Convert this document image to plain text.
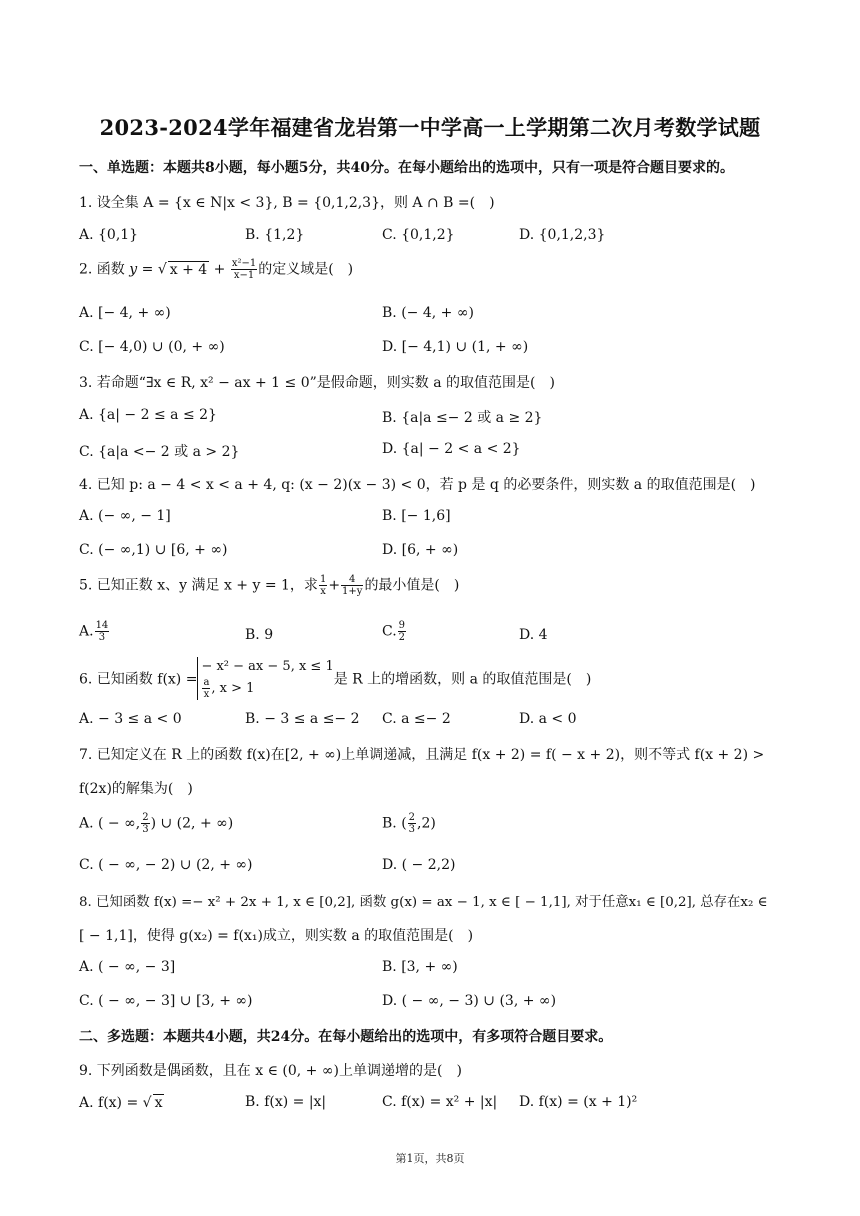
2023-2024学年福建省龙岩第一中学高一上学期第二次月考数学试题
一、单选题：本题共8小题，每小题5分，共40分。在每小题给出的选项中，只有一项是符合题目要求的。
1. 设全集 A = {x ∈ N|x < 3}, B = {0,1,2,3}，则 A ∩ B =(　)
A. {0,1}	B. {1,2}	C. {0,1,2}	D. {0,1,2,3}
2. 函数 y = √ $x + 4 + \frac{\text{x²−1}}{x-1}$ 的定义域是(　)
A. [− 4, + ∞)	B. (− 4, + ∞)
C. [− 4,0) ∪ (0, + ∞)	D. [− 4,1) ∪ (1, + ∞)
3. 若命题“∃x ∈ R, x² − ax + 1 ≤ 0”是假命题，则实数 a 的取值范围是(　)
A. {a| − 2 ≤ a ≤ 2}	B. {a|a ≤− 2 或 a ≥ 2}
C. {a|a <− 2 或 a > 2}	D. {a| − 2 < a < 2}
4. 已知 p: a − 4 < x < a + 4, q: (x − 2)(x − 3) < 0，若 p 是 q 的必要条件，则实数 a 的取值范围是(　)
A. (− ∞, − 1]	B. [− 1,6]
C. (− ∞,1) ∪ [6, + ∞)	D. [6, + ∞)
5. 已知正数 x、y 满足 x + y = 1，求 $\frac{1}{x} + \frac{4}{1+y}$ 的最小值是(　)
A. $\frac{14}{3}$	B. 9	C. $\frac{9}{2}$	D. 4
6. 已知函数 f(x) =
− x² − ax − 5, x ≤ 1
$\frac{a}{x}$ , x > 1
是 R 上的增函数，则 a 的取值范围是(　)
A. − 3 ≤ a < 0	B. − 3 ≤ a ≤− 2 C. a ≤− 2	D. a < 0
7. 已知定义在 R 上的函数 f(x)在[2, + ∞)上单调递减，且满足 f(x + 2) = f( − x + 2)，则不等式 f(x + 2) >
f(2x)的解集为(　)
A. ( − ∞, $\frac{2}{3}$ ) ∪ (2, + ∞)	B. ( $\frac{2}{3} ,2$)
C. ( − ∞, − 2) ∪ (2, + ∞)	D. ( − 2,2)
8. 已知函数 f(x) =− x² + 2x + 1, x ∈ [0,2], 函数 g(x) = ax − 1, x ∈ [ − 1,1], 对于任意x₁ ∈ [0,2], 总存在x₂ ∈
[ − 1,1]，使得 g(x₂) = f(x₁)成立，则实数 a 的取值范围是(　)
A. ( − ∞, − 3]	B. [3, + ∞)
C. ( − ∞, − 3] ∪ [3, + ∞)	D. ( − ∞, − 3) ∪ (3, + ∞)
二、多选题：本题共4小题，共24分。在每小题给出的选项中，有多项符合题目要求。
9. 下列函数是偶函数，且在 x ∈ (0, + ∞)上单调递增的是(　)
A. f(x) = √ x	B. f(x) = |x|	C. f(x) = x² + |x| D. f(x) = (x + 1)²
第1页，共8页
